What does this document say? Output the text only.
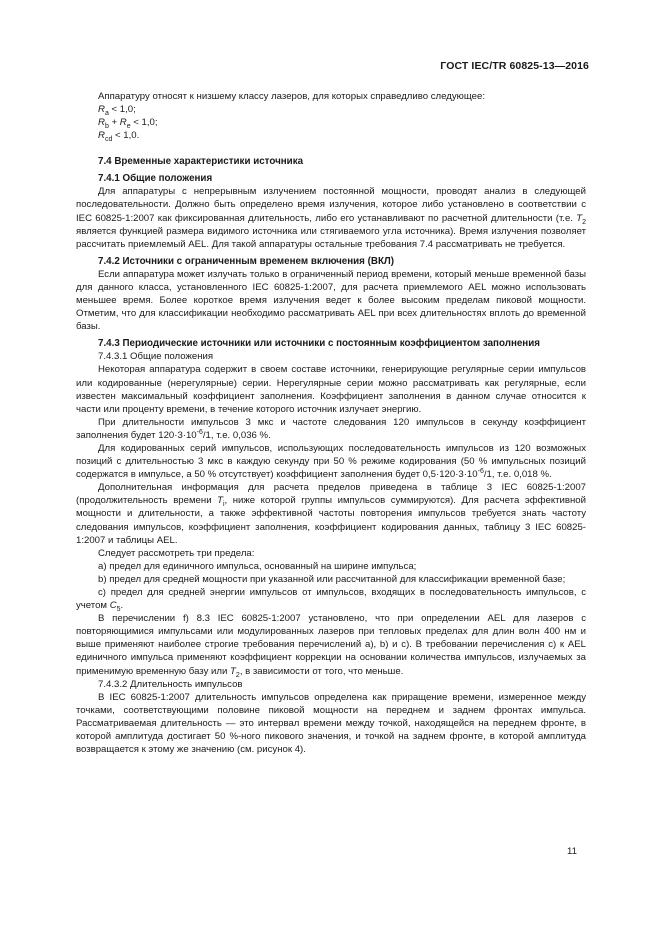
ГОСТ IEC/TR 60825-13—2016

Аппаратуру относят к низшему классу лазеров, для которых справедливо следующее:

$R_a < 1,0$;

$R_b + R_e < 1,0$;

$R_{cd} < 1,0$.

7.4 Временные характеристики источника
7.4.1 Общие положения

Для аппаратуры с непрерывным излучением постоянной мощности, проводят анализ в следующей последовательности. Должно быть определено время излучения, которое либо установлено в соответствии с IEC 60825-1:2007 как фиксированная длительность, либо его устанавливают по расчетной длительности (т.е. $T_2$ является функцией размера видимого источника или стягиваемого угла источника). Время излучения позволяет рассчитать приемлемый AEL. Для такой аппаратуры остальные требования 7.4 рассматривать не требуется.

7.4.2 Источники с ограниченным временем включения (ВКЛ)

Если аппаратура может излучать только в ограниченный период времени, который меньше временной базы для данного класса, установленного IEC 60825-1:2007, для расчета приемлемого AEL можно использовать меньшее время. Более короткое время излучения ведет к более высоким пределам пиковой мощности. Отметим, что для классификации необходимо рассматривать AEL при всех длительностях вплоть до временной базы.

7.4.3 Периодические источники или источники с постоянным коэффициентом заполнения

7.4.3.1 Общие положения

Некоторая аппаратура содержит в своем составе источники, генерирующие регулярные серии импульсов или кодированные (нерегулярные) серии. Нерегулярные серии можно рассматривать как регулярные, если известен максимальный коэффициент заполнения. Коэффициент заполнения в данном случае относится к части или проценту времени, в течение которого источник излучает энергию.

При длительности импульсов 3 мкс и частоте следования 120 импульсов в секунду коэффициент заполнения будет $120\cdot 3\cdot 10^{-6}/1$, т.е. 0,036 %.

Для кодированных серий импульсов, использующих последовательность импульсов из 120 возможных позиций с длительностью 3 мкс в каждую секунду при 50 % режиме кодирования (50 % импульсных позиций содержатся в импульсе, а 50 % отсутствует) коэффициент заполнения будет $0,5\cdot 120\cdot 3\cdot 10^{-6}/1$, т.е. 0,018 %.

Дополнительная информация для расчета пределов приведена в таблице 3 IEC 60825-1:2007 (продолжительность времени $T_i$, ниже которой группы импульсов суммируются). Для расчета эффективной мощности и длительности, а также эффективной частоты повторения импульсов требуется знать частоту следования импульсов, коэффициент заполнения, коэффициент кодирования данных, таблицу 3 IEC 60825-1:2007 и таблицы AEL.

Следует рассмотреть три предела:

а) предел для единичного импульса, основанный на ширине импульса;

b) предел для средней мощности при указанной или рассчитанной для классификации временной базе;

с) предел для средней энергии импульсов от импульсов, входящих в последовательность импульсов, с учетом $С_5$.

В перечислении f) 8.3 IEC 60825-1:2007 установлено, что при определении AEL для лазеров с повторяющимися импульсами или модулированных лазеров при тепловых пределах для длин волн 400 нм и выше применяют наиболее строгие требования перечислений а), b) и с). В требовании перечисления с) к AEL единичного импульса применяют коэффициент коррекции на основании количества импульсов, излучаемых за применимую временную базу или $T_2$, в зависимости от того, что меньше.

7.4.3.2 Длительность импульсов

В IEC 60825-1:2007 длительность импульсов определена как приращение времени, измеренное между точками, соответствующими половине пиковой мощности на переднем и заднем фронтах импульса. Рассматриваемая длительность — это интервал времени между точкой, находящейся на переднем фронте, в которой амплитуда достигает 50 %-ного пикового значения, и точкой на заднем фронте, в которой амплитуда возвращается к этому же значению (см. рисунок 4).

11
